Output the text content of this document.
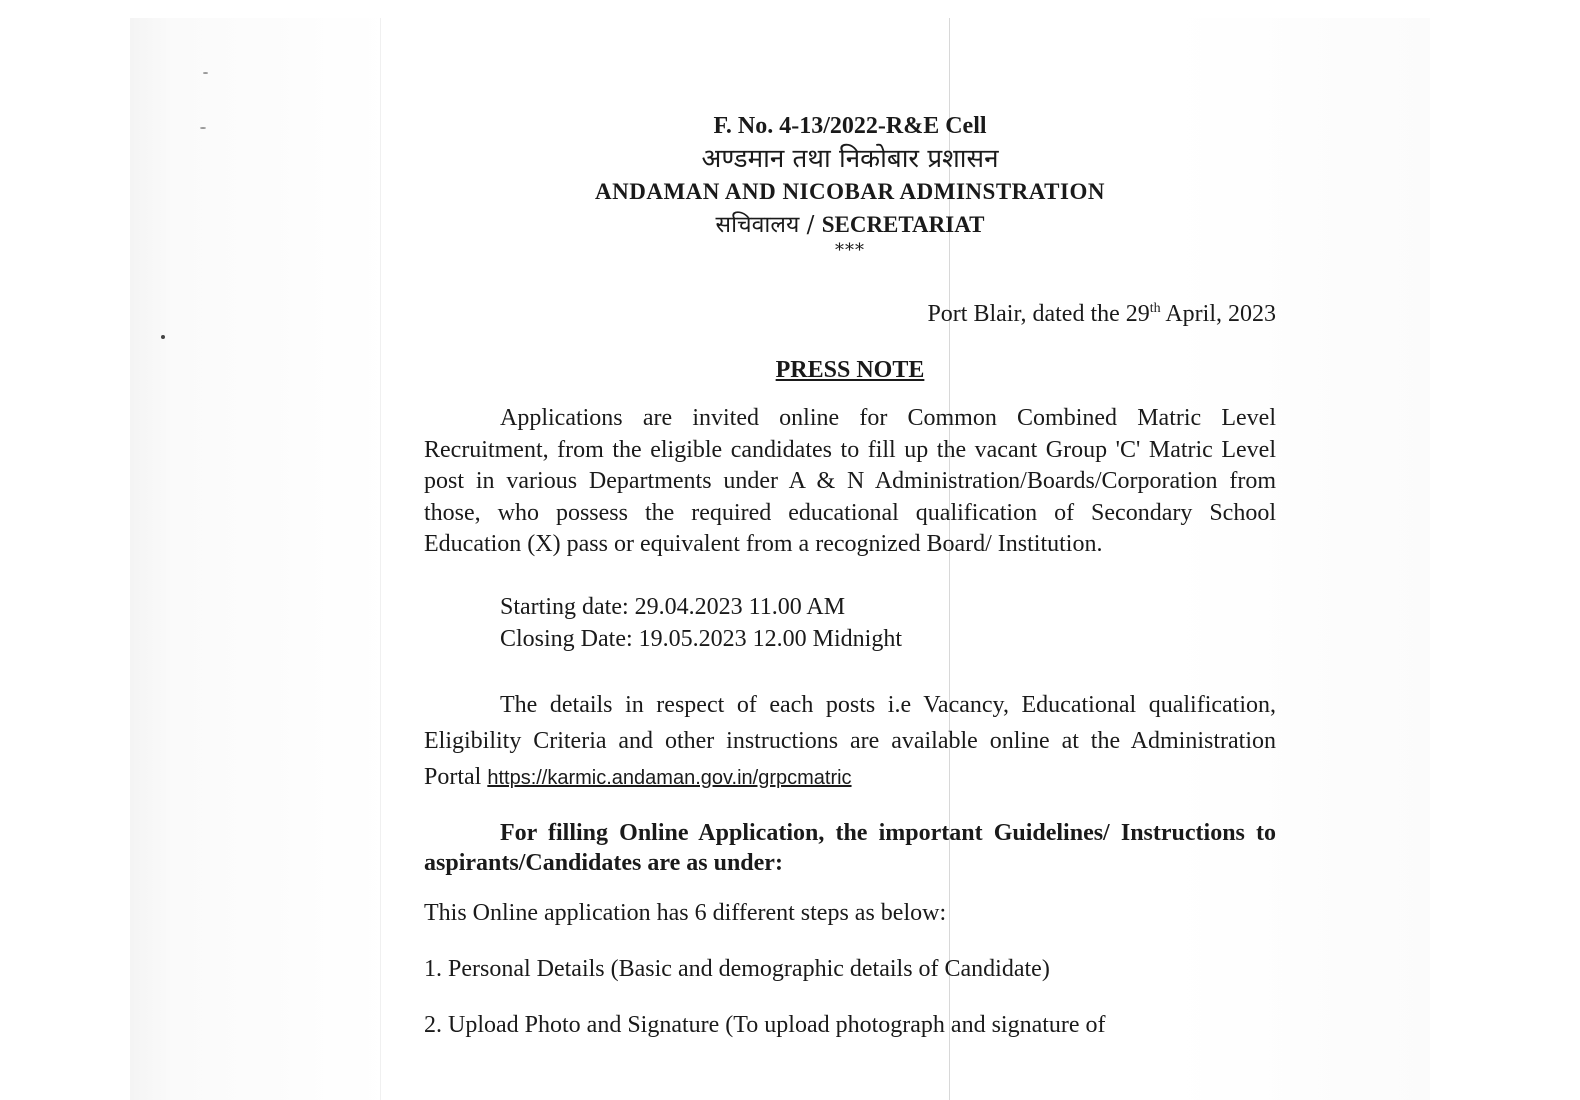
F. No. 4-13/2022-R&E Cell
अण्डमान तथा निकोबार प्रशासन
ANDAMAN AND NICOBAR ADMINSTRATION
सचिवालय / SECRETARIAT
***
Port Blair, dated the 29th April, 2023
PRESS NOTE

Applications are invited online for Common Combined Matric Level Recruitment, from the eligible candidates to fill up the vacant Group 'C' Matric Level post in various Departments under A & N Administration/Boards/Corporation from those, who possess the required educational qualification of Secondary School Education (X) pass or equivalent from a recognized Board/ Institution.

Starting date: 29.04.2023 11.00 AM
Closing Date: 19.05.2023 12.00 Midnight

The details in respect of each posts i.e Vacancy, Educational qualification, Eligibility Criteria and other instructions are available online at the Administration Portal https://karmic.andaman.gov.in/grpcmatric

For filling Online Application, the important Guidelines/ Instructions to aspirants/Candidates are as under:

This Online application has 6 different steps as below:

1. Personal Details (Basic and demographic details of Candidate)

2. Upload Photo and Signature (To upload photograph and signature of
